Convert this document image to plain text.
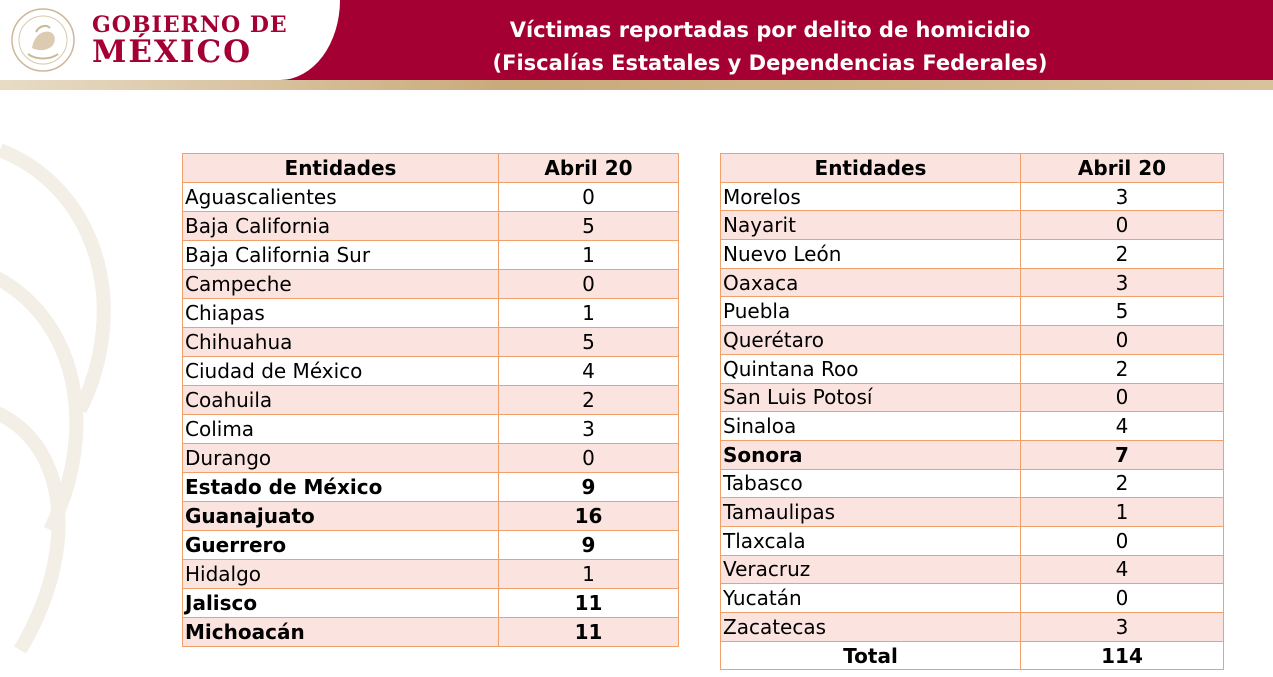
GOBIERNO DE
MÉXICO
Víctimas reportadas por delito de homicidio
(Fiscalías Estatales y Dependencias Federales)
Entidades	Abril 20
Aguascalientes	0
Baja California	5
Baja California Sur	1
Campeche	0
Chiapas	1
Chihuahua	5
Ciudad de México	4
Coahuila	2
Colima	3
Durango	0
Estado de México	9
Guanajuato	16
Guerrero	9
Hidalgo	1
Jalisco	11
Michoacán	11
Entidades	Abril 20
Morelos	3
Nayarit	0
Nuevo León	2
Oaxaca	3
Puebla	5
Querétaro	0
Quintana Roo	2
San Luis Potosí	0
Sinaloa	4
Sonora	7
Tabasco	2
Tamaulipas	1
Tlaxcala	0
Veracruz	4
Yucatán	0
Zacatecas	3
Total	114
